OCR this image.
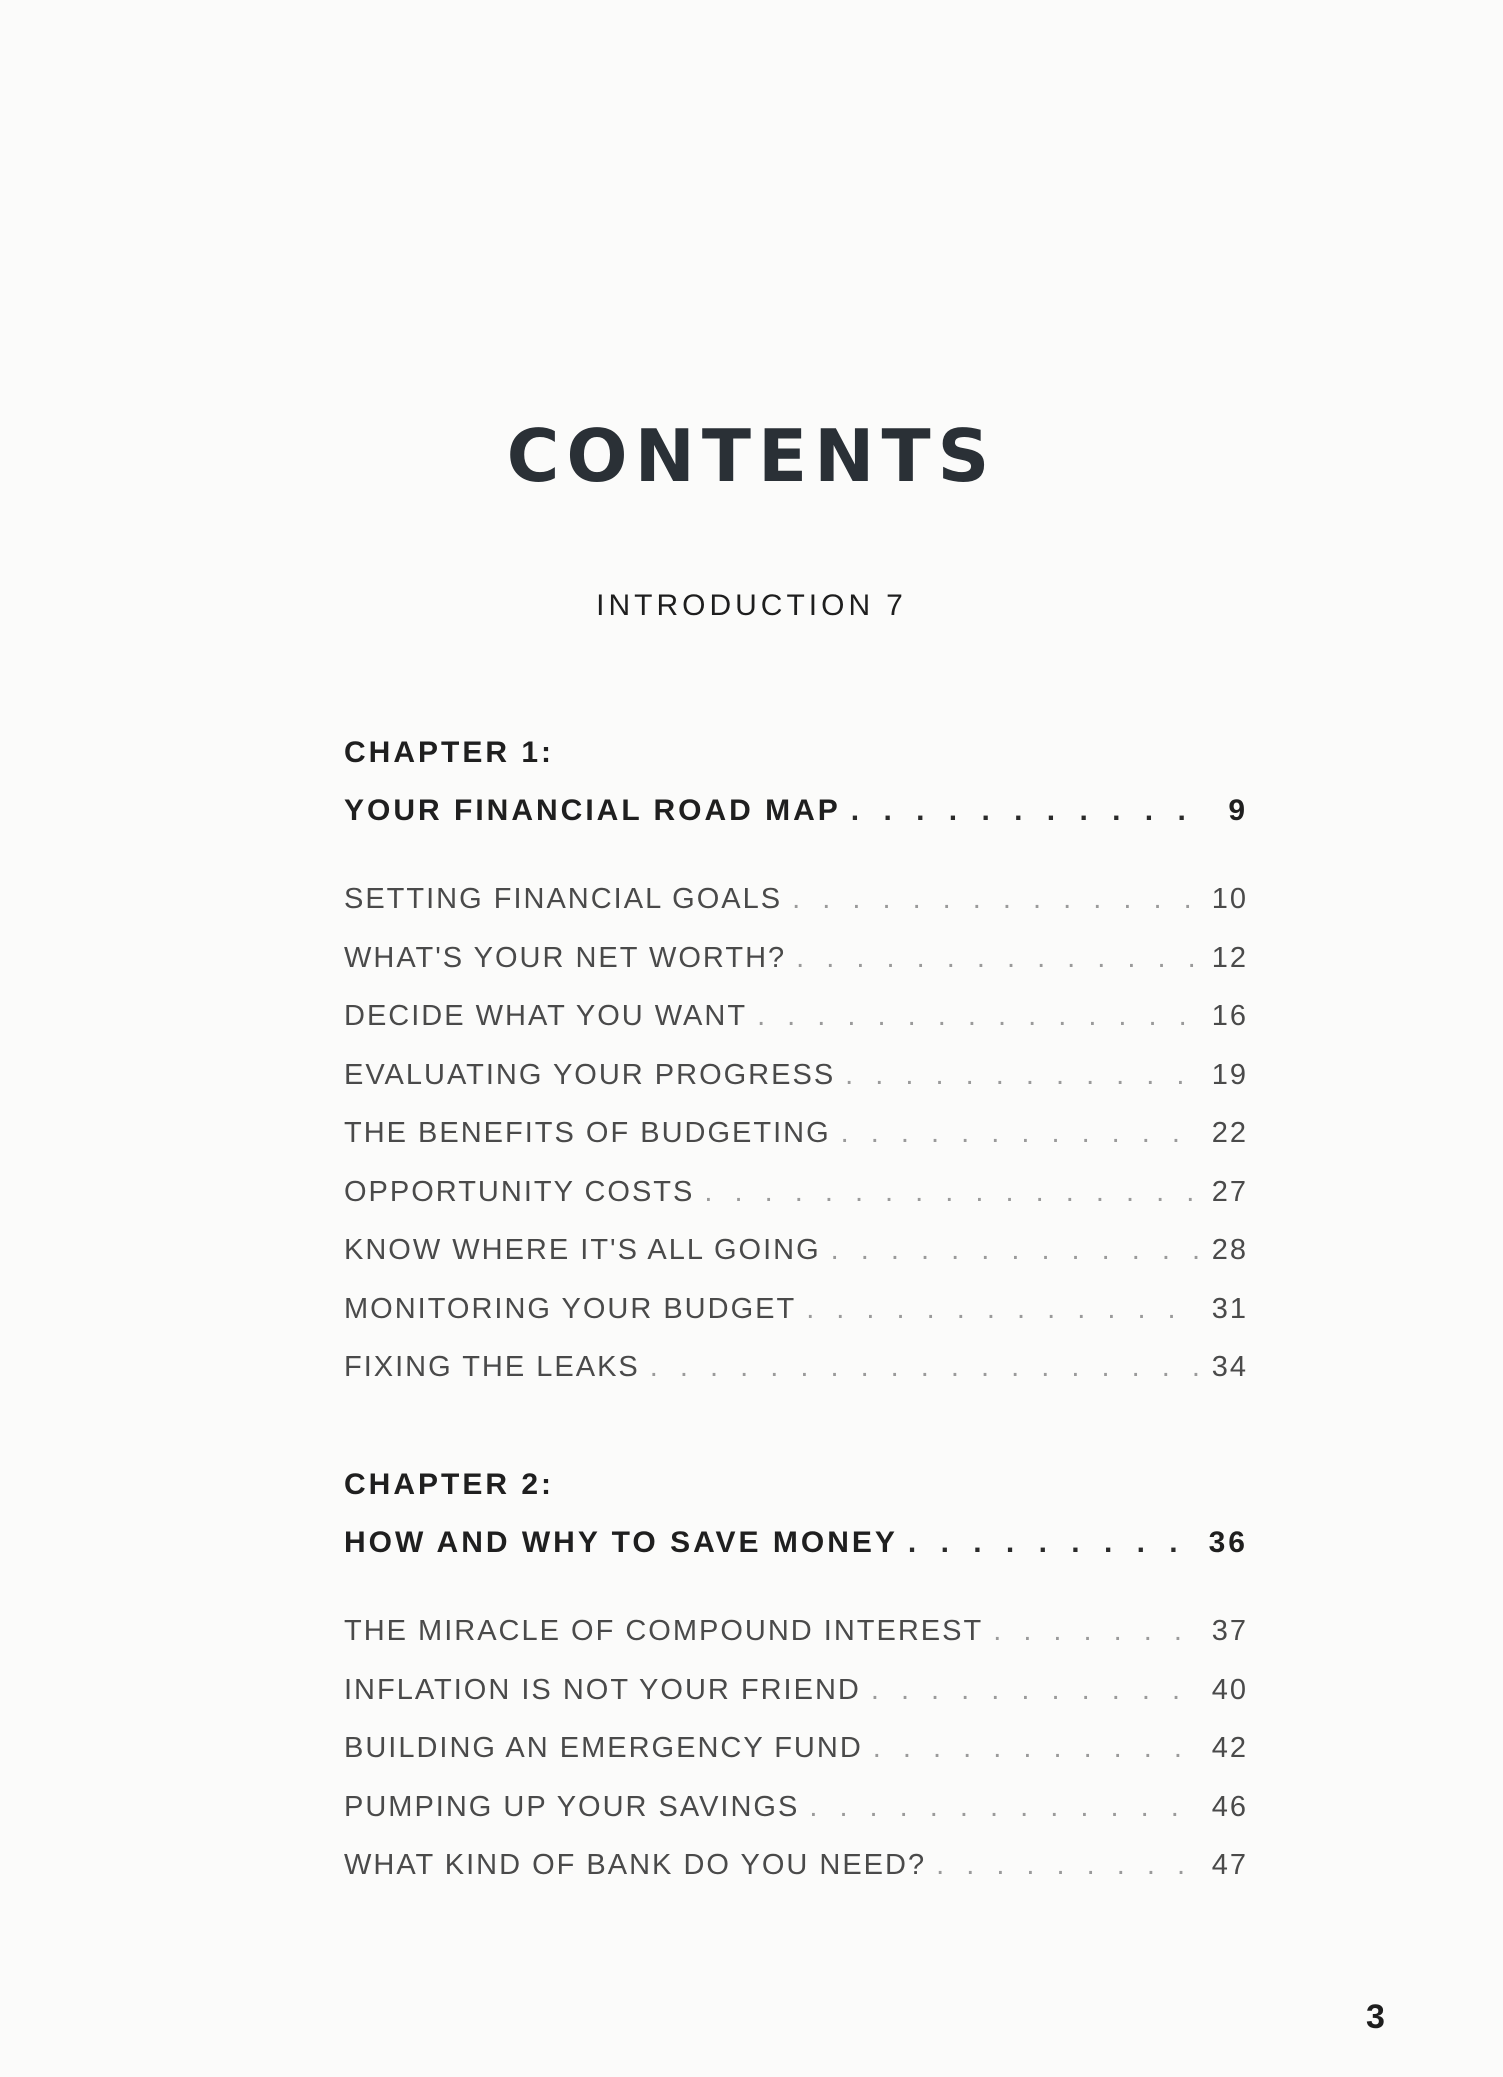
CONTENTS
INTRODUCTION 7
CHAPTER 1:
YOUR FINANCIAL ROAD MAP . . .	9
SETTING FINANCIAL GOALS . . .	10
WHAT'S YOUR NET WORTH? . . .	12
DECIDE WHAT YOU WANT . . .	16
EVALUATING YOUR PROGRESS . . .	19
THE BENEFITS OF BUDGETING . . .	22
OPPORTUNITY COSTS . . .	27
KNOW WHERE IT'S ALL GOING . . .	28
MONITORING YOUR BUDGET . . .	31
FIXING THE LEAKS . . .	34
CHAPTER 2:
HOW AND WHY TO SAVE MONEY . . .	36
THE MIRACLE OF COMPOUND INTEREST . . .	37
INFLATION IS NOT YOUR FRIEND . . .	40
BUILDING AN EMERGENCY FUND . . .	42
PUMPING UP YOUR SAVINGS . . .	46
WHAT KIND OF BANK DO YOU NEED? . . .	47
3
